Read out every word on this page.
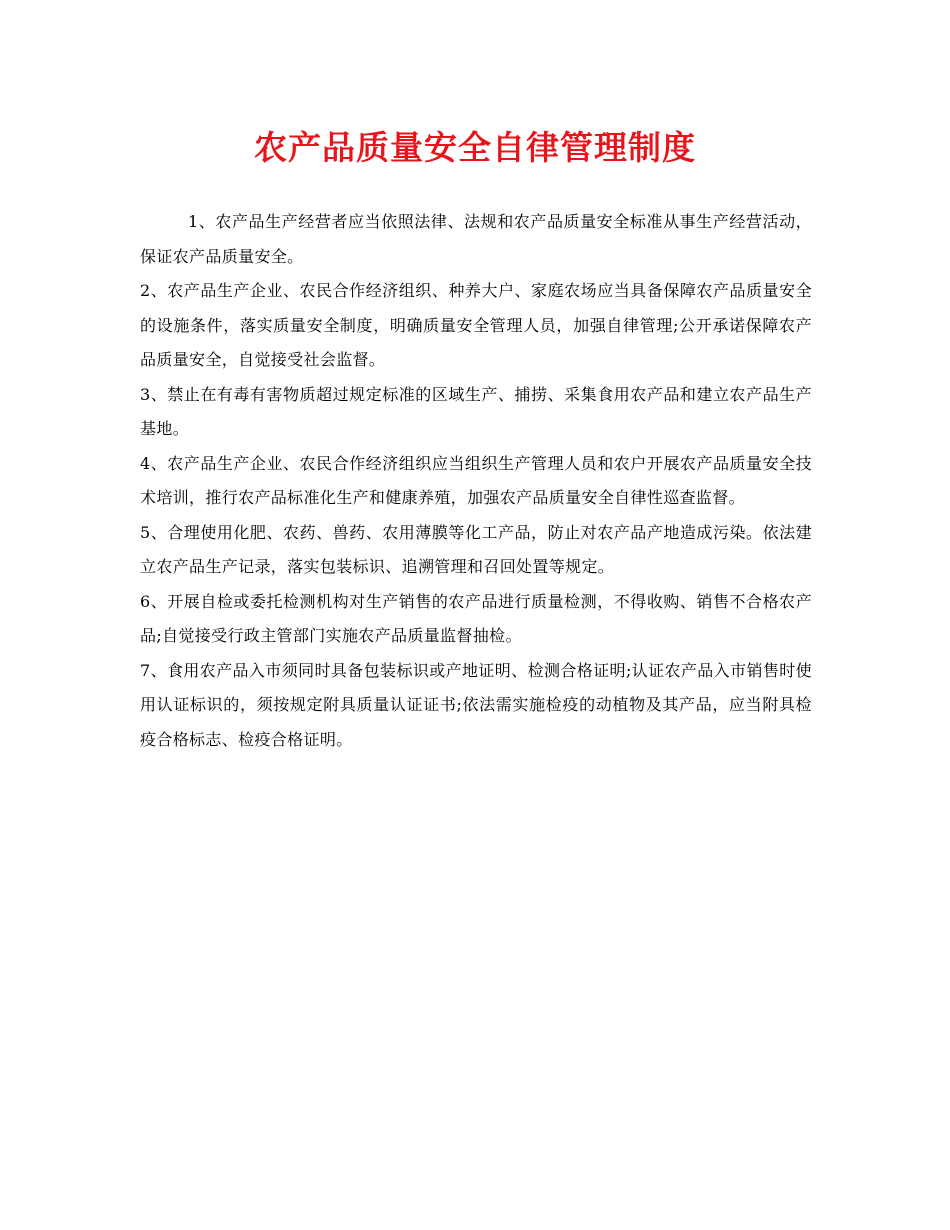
农产品质量安全自律管理制度

1、农产品生产经营者应当依照法律、法规和农产品质量安全标准从事生产经营活动，保证农产品质量安全。

2、农产品生产企业、农民合作经济组织、种养大户、家庭农场应当具备保障农产品质量安全的设施条件，落实质量安全制度，明确质量安全管理人员，加强自律管理;公开承诺保障农产品质量安全，自觉接受社会监督。

3、禁止在有毒有害物质超过规定标准的区域生产、捕捞、采集食用农产品和建立农产品生产基地。

4、农产品生产企业、农民合作经济组织应当组织生产管理人员和农户开展农产品质量安全技术培训，推行农产品标准化生产和健康养殖，加强农产品质量安全自律性巡查监督。

5、合理使用化肥、农药、兽药、农用薄膜等化工产品，防止对农产品产地造成污染。依法建立农产品生产记录，落实包装标识、追溯管理和召回处置等规定。

6、开展自检或委托检测机构对生产销售的农产品进行质量检测，不得收购、销售不合格农产品;自觉接受行政主管部门实施农产品质量监督抽检。

7、食用农产品入市须同时具备包装标识或产地证明、检测合格证明;认证农产品入市销售时使用认证标识的，须按规定附具质量认证证书;依法需实施检疫的动植物及其产品，应当附具检疫合格标志、检疫合格证明。
